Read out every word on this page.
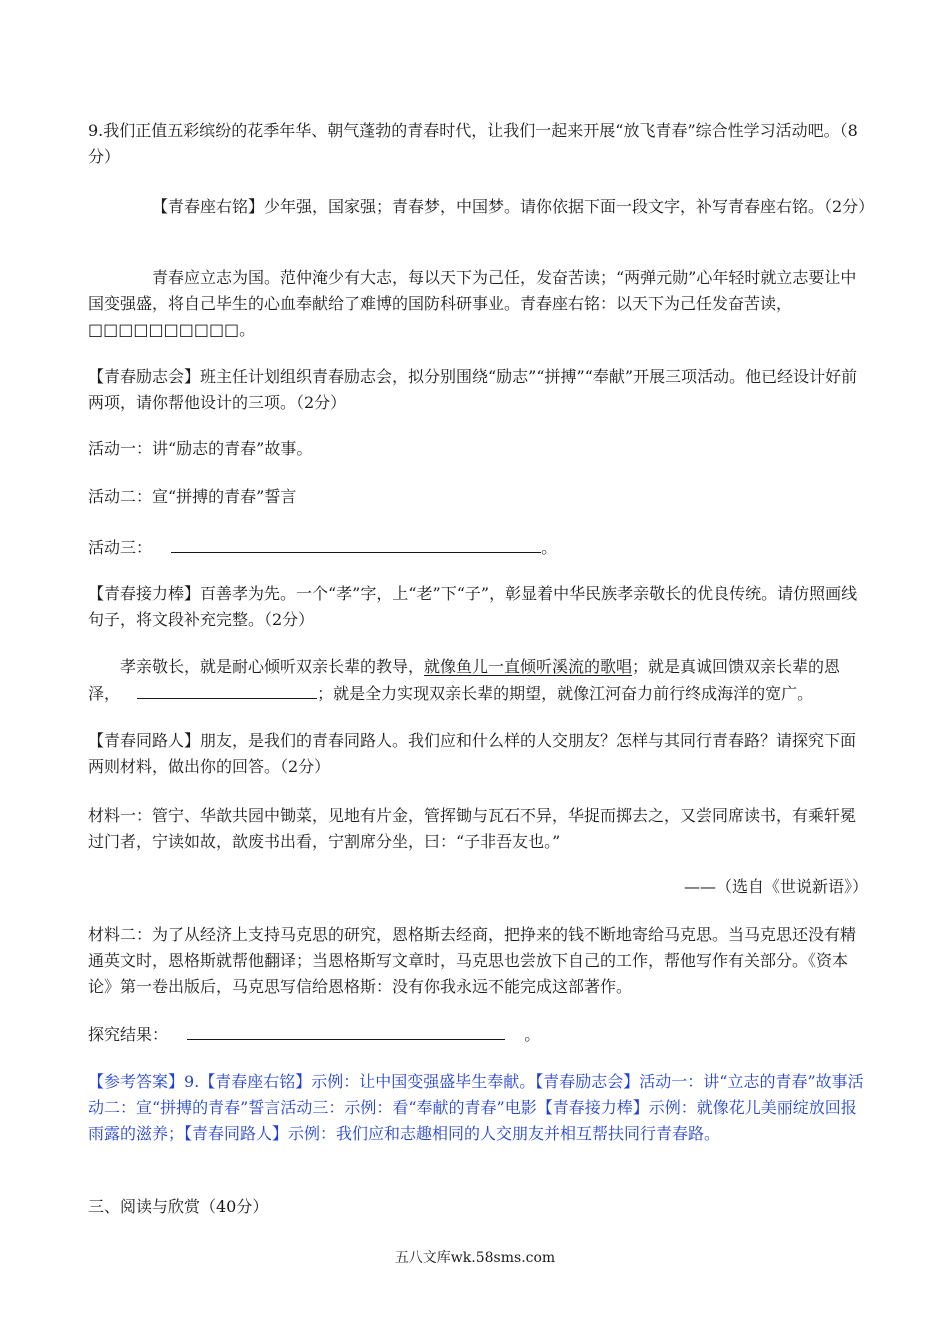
9.我们正值五彩缤纷的花季年华、朝气蓬勃的青春时代，让我们一起来开展“放飞青春”综合性学习活动吧。（8分）

【青春座右铭】少年强，国家强；青春梦，中国梦。请你依据下面一段文字，补写青春座右铭。（2分）

青春应立志为国。范仲淹少有大志，每以天下为己任，发奋苦读；“两弹元勋”心年轻时就立志要让中国变强盛，将自己毕生的心血奉献给了难博的国防科研事业。青春座右铭：以天下为己任发奋苦读，□□□□□□□□□□。

【青春励志会】班主任计划组织青春励志会，拟分别围绕“励志”“拼搏”“奉献”开展三项活动。他已经设计好前两项，请你帮他设计的三项。（2分）

活动一：讲“励志的青春”故事。

活动二：宣“拼搏的青春”誓言

活动三：	。

【青春接力棒】百善孝为先。一个“孝”字，上“老”下“子”，彰显着中华民族孝亲敬长的优良传统。请仿照画线句子，将文段补充完整。（2分）

孝亲敬长，就是耐心倾听双亲长辈的教导，就像鱼儿一直倾听溪流的歌唱；就是真诚回馈双亲长辈的恩泽，	；就是全力实现双亲长辈的期望，就像江河奋力前行终成海洋的宽广。

【青春同路人】朋友，是我们的青春同路人。我们应和什么样的人交朋友？怎样与其同行青春路？请探究下面两则材料，做出你的回答。（2分）

材料一：管宁、华歆共园中锄菜，见地有片金，管挥锄与瓦石不异，华捉而掷去之，又尝同席读书，有乘轩冕过门者，宁读如故，歆废书出看，宁割席分坐，曰：“子非吾友也。”

——（选自《世说新语》）

材料二：为了从经济上支持马克思的研究，恩格斯去经商，把挣来的钱不断地寄给马克思。当马克思还没有精通英文时，恩格斯就帮他翻译；当恩格斯写文章时，马克思也尝放下自己的工作，帮他写作有关部分。《资本论》第一卷出版后，马克思写信给恩格斯：没有你我永远不能完成这部著作。

探究结果：	。

【参考答案】9.【青春座右铭】示例：让中国变强盛毕生奉献。【青春励志会】活动一：讲“立志的青春”故事活动二：宣“拼搏的青春”誓言活动三：示例：看“奉献的青春”电影【青春接力棒】示例：就像花儿美丽绽放回报雨露的滋养；【青春同路人】示例：我们应和志趣相同的人交朋友并相互帮扶同行青春路。

三、阅读与欣赏（40分）

五八文库wk.58sms.com
